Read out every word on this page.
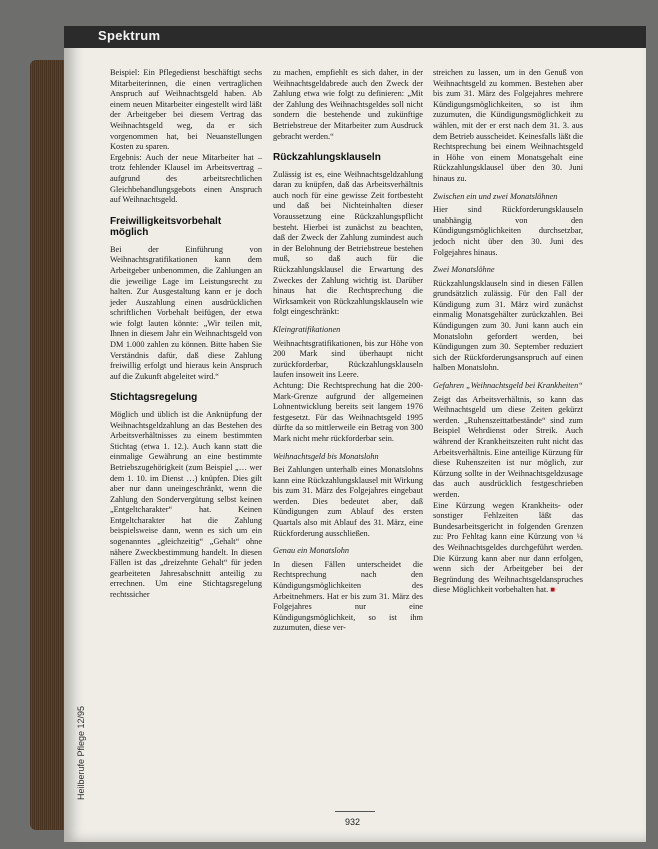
Spektrum
Heilberufe Pflege 12/95

Beispiel: Ein Pflegedienst beschäftigt sechs Mitarbeiterinnen, die einen vertraglichen Anspruch auf Weihnachtsgeld haben. Ab einem neuen Mitarbeiter eingestellt wird läßt der Arbeitgeber bei diesem Vertrag das Weihnachtsgeld weg, da er sich vorgenommen hat, bei Neuanstellungen Kosten zu sparen.

Ergebnis: Auch der neue Mitarbeiter hat – trotz fehlender Klausel im Arbeitsvertrag – aufgrund des arbeitsrechtlichen Gleichbehandlungsgebots einen Anspruch auf Weihnachtsgeld.

Freiwilligkeitsvorbehalt möglich

Bei der Einführung von Weihnachtsgratifikationen kann dem Arbeitgeber unbenommen, die Zahlungen an die jeweilige Lage im Leistungsrecht zu halten. Zur Ausgestaltung kann er je doch jeder Auszahlung einen ausdrücklichen schriftlichen Vorbehalt beifügen, der etwa wie folgt lauten könnte: „Wir teilen mit, Ihnen in diesem Jahr ein Weihnachtsgeld von DM 1.000 zahlen zu können. Bitte haben Sie Verständnis dafür, daß diese Zahlung freiwillig erfolgt und hieraus kein Anspruch auf die Zukunft abgeleitet wird.“

Stichtagsregelung

Möglich und üblich ist die Anknüpfung der Weihnachtsgeldzahlung an das Bestehen des Arbeitsverhältnisses zu einem bestimmten Stichtag (etwa 1. 12.). Auch kann statt die einmalige Gewährung an eine bestimmte Betriebszugehörigkeit (zum Beispiel „… wer dem 1. 10. im Dienst …) knüpfen. Dies gilt aber nur dann uneingeschränkt, wenn die Zahlung den Sondervergütung selbst keinen „Entgeltcharakter“ hat. Keinen Entgeltcharakter hat die Zahlung beispielsweise dann, wenn es sich um ein sogenanntes „gleichzeitig“ „Gehalt“ ohne nähere Zweckbestimmung handelt. In diesen Fällen ist das „dreizehnte Gehalt“ für jeden gearbeiteten Jahresabschnitt anteilig zu errechnen. Um eine Stichtagsregelung rechtssicher

zu machen, empfiehlt es sich daher, in der Weihnachtsgeldabrede auch den Zweck der Zahlung etwa wie folgt zu definieren: „Mit der Zahlung des Weihnachtsgeldes soll nicht sondern die bestehende und zukünftige Betriebstreue der Mitarbeiter zum Ausdruck gebracht werden.“

Rückzahlungsklauseln

Zulässig ist es, eine Weihnachtsgeldzahlung daran zu knüpfen, daß das Arbeitsverhältnis auch noch für eine gewisse Zeit fortbesteht und daß bei Nichteinhalten dieser Voraussetzung eine Rückzahlungspflicht besteht. Hierbei ist zunächst zu beachten, daß der Zweck der Zahlung zumindest auch in der Belohnung der Betriebstreue bestehen muß, so daß auch für die Rückzahlungsklausel die Erwartung des Zweckes der Zahlung wichtig ist. Darüber hinaus hat die Rechtsprechung die Wirksamkeit von Rückzahlungsklauseln wie folgt eingeschränkt:

Kleingratifikationen

Weihnachtsgratifikationen, bis zur Höhe von 200 Mark sind überhaupt nicht zurückforderbar, Rückzahlungsklauseln laufen insoweit ins Leere.

Achtung: Die Rechtsprechung hat die 200-Mark-Grenze aufgrund der allgemeinen Lohnentwicklung bereits seit langem 1976 festgesetzt. Für das Weihnachtsgeld 1995 dürfte da so mittlerweile ein Betrag von 300 Mark nicht mehr rückforderbar sein.

Weihnachtsgeld bis Monatslohn

Bei Zahlungen unterhalb eines Monatslohns kann eine Rückzahlungsklausel mit Wirkung bis zum 31. März des Folgejahres eingebaut werden. Dies bedeutet aber, daß Kündigungen zum Ablauf des ersten Quartals also mit Ablauf des 31. März, eine Rückforderung ausschließen.

Genau ein Monatslohn

In diesen Fällen unterscheidet die Rechtsprechung nach den Kündigungsmöglichkeiten des Arbeitnehmers. Hat er bis zum 31. März des Folgejahres nur eine Kündigungsmöglichkeit, so ist ihm zuzumuten, diese ver-

streichen zu lassen, um in den Genuß von Weihnachtsgeld zu kommen. Bestehen aber bis zum 31. März des Folgejahres mehrere Kündigungsmöglichkeiten, so ist ihm zuzumuten, die Kündigungsmöglichkeit zu wählen, mit der er erst nach dem 31. 3. aus dem Betrieb ausscheidet. Keinesfalls läßt die Rechtsprechung bei einem Weihnachtsgeld in Höhe von einem Monatsgehalt eine Rückzahlungsklausel über den 30. Juni hinaus zu.

Zwischen ein und zwei Monatslöhnen

Hier sind Rückforderungsklauseln unabhängig von den Kündigungsmöglichkeiten durchsetzbar, jedoch nicht über den 30. Juni des Folgejahres hinaus.

Zwei Monatslöhne

Rückzahlungsklauseln sind in diesen Fällen grundsätzlich zulässig. Für den Fall der Kündigung zum 31. März wird zunächst einmalig Monatsgehälter zurückzahlen. Bei Kündigungen zum 30. Juni kann auch ein Monatslohn gefordert werden, bei Kündigungen zum 30. September reduziert sich der Rückforderungsanspruch auf einen halben Monatslohn.

Gefahren „Weihnachtsgeld bei Krankheiten“

Zeigt das Arbeitsverhältnis, so kann das Weihnachtsgeld um diese Zeiten gekürzt werden. „Ruhenszeittatbestände“ sind zum Beispiel Wehrdienst oder Streik. Auch während der Krankheitszeiten ruht nicht das Arbeitsverhältnis. Eine anteilige Kürzung für diese Ruhenszeiten ist nur möglich, zur Kürzung sollte in der Weihnachtsgeldzusage das auch ausdrücklich festgeschrieben werden.

Eine Kürzung wegen Krankheits- oder sonstiger Fehlzeiten läßt das Bundesarbeitsgericht in folgenden Grenzen zu: Pro Fehltag kann eine Kürzung von ¼ des Weihnachtsgeldes durchgeführt werden. Die Kürzung kann aber nur dann erfolgen, wenn sich der Arbeitgeber bei der Begründung des Weihnachtsgeldanspruches diese Möglichkeit vorbehalten hat. ■

932
